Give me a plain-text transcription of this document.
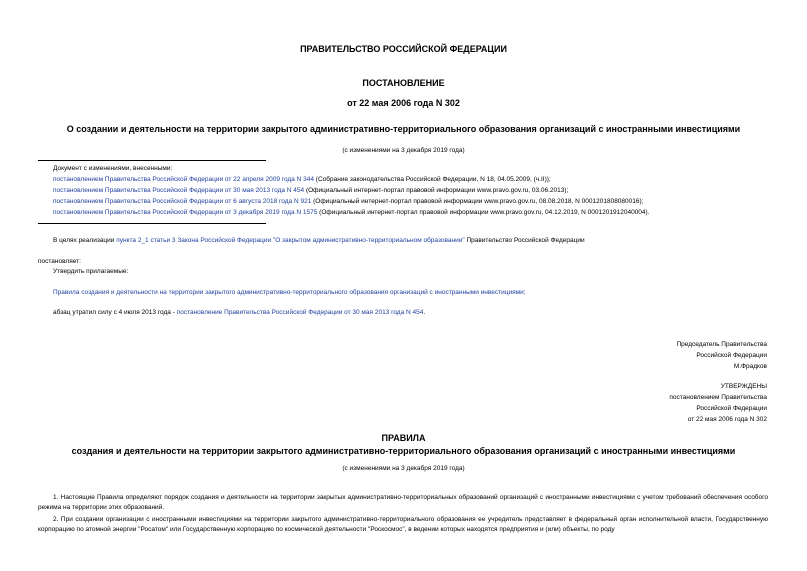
ПРАВИТЕЛЬСТВО РОССИЙСКОЙ ФЕДЕРАЦИИ
ПОСТАНОВЛЕНИЕ
от 22 мая 2006 года N 302
О создании и деятельности на территории закрытого административно-территориального образования организаций с иностранными инвестициями
(с изменениями на 3 декабря 2019 года)
Документ с изменениями, внесенными:
постановлением Правительства Российской Федерации от 22 апреля 2009 года N 344 (Собрание законодательства Российской Федерации, N 18, 04.05.2009, (ч.II));
постановлением Правительства Российской Федерации от 30 мая 2013 года N 454 (Официальный интернет-портал правовой информации www.pravo.gov.ru, 03.06.2013);
постановлением Правительства Российской Федерации от 6 августа 2018 года N 921 (Официальный интернет-портал правовой информации www.pravo.gov.ru, 08.08.2018, N 0001201808080016);
постановлением Правительства Российской Федерации от 3 декабря 2019 года N 1575 (Официальный интернет-портал правовой информации www.pravo.gov.ru, 04.12.2019, N 0001201912040004).
В целях реализации пункта 2_1 статьи 3 Закона Российской Федерации "О закрытом административно-территориальном образовании" Правительство Российской Федерации
постановляет:
Утвердить прилагаемые:
Правила создания и деятельности на территории закрытого административно-территориального образования организаций с иностранными инвестициями;
абзац утратил силу с 4 июля 2013 года - постановление Правительства Российской Федерации от 30 мая 2013 года N 454.
Председатель Правительства
Российской Федерации
М.Фрадков
УТВЕРЖДЕНЫ
постановлением Правительства
Российской Федерации
от 22 мая 2006 года N 302
ПРАВИЛА
создания и деятельности на территории закрытого административно-территориального образования организаций с иностранными инвестициями
(с изменениями на 3 декабря 2019 года)
1. Настоящие Правила определяют порядок создания и деятельности на территории закрытых административно-территориальных образований организаций с иностранными инвестициями с учетом требований обеспечения особого режима на территории этих образований.
2. При создании организации с иностранными инвестициями на территории закрытого административно-территориального образования ее учредитель представляет в федеральный орган исполнительной власти, Государственную корпорацию по атомной энергии "Росатом" или Государственную корпорацию по космической деятельности "Роскосмос", в ведении которых находятся предприятия и (или) объекты, по роду
